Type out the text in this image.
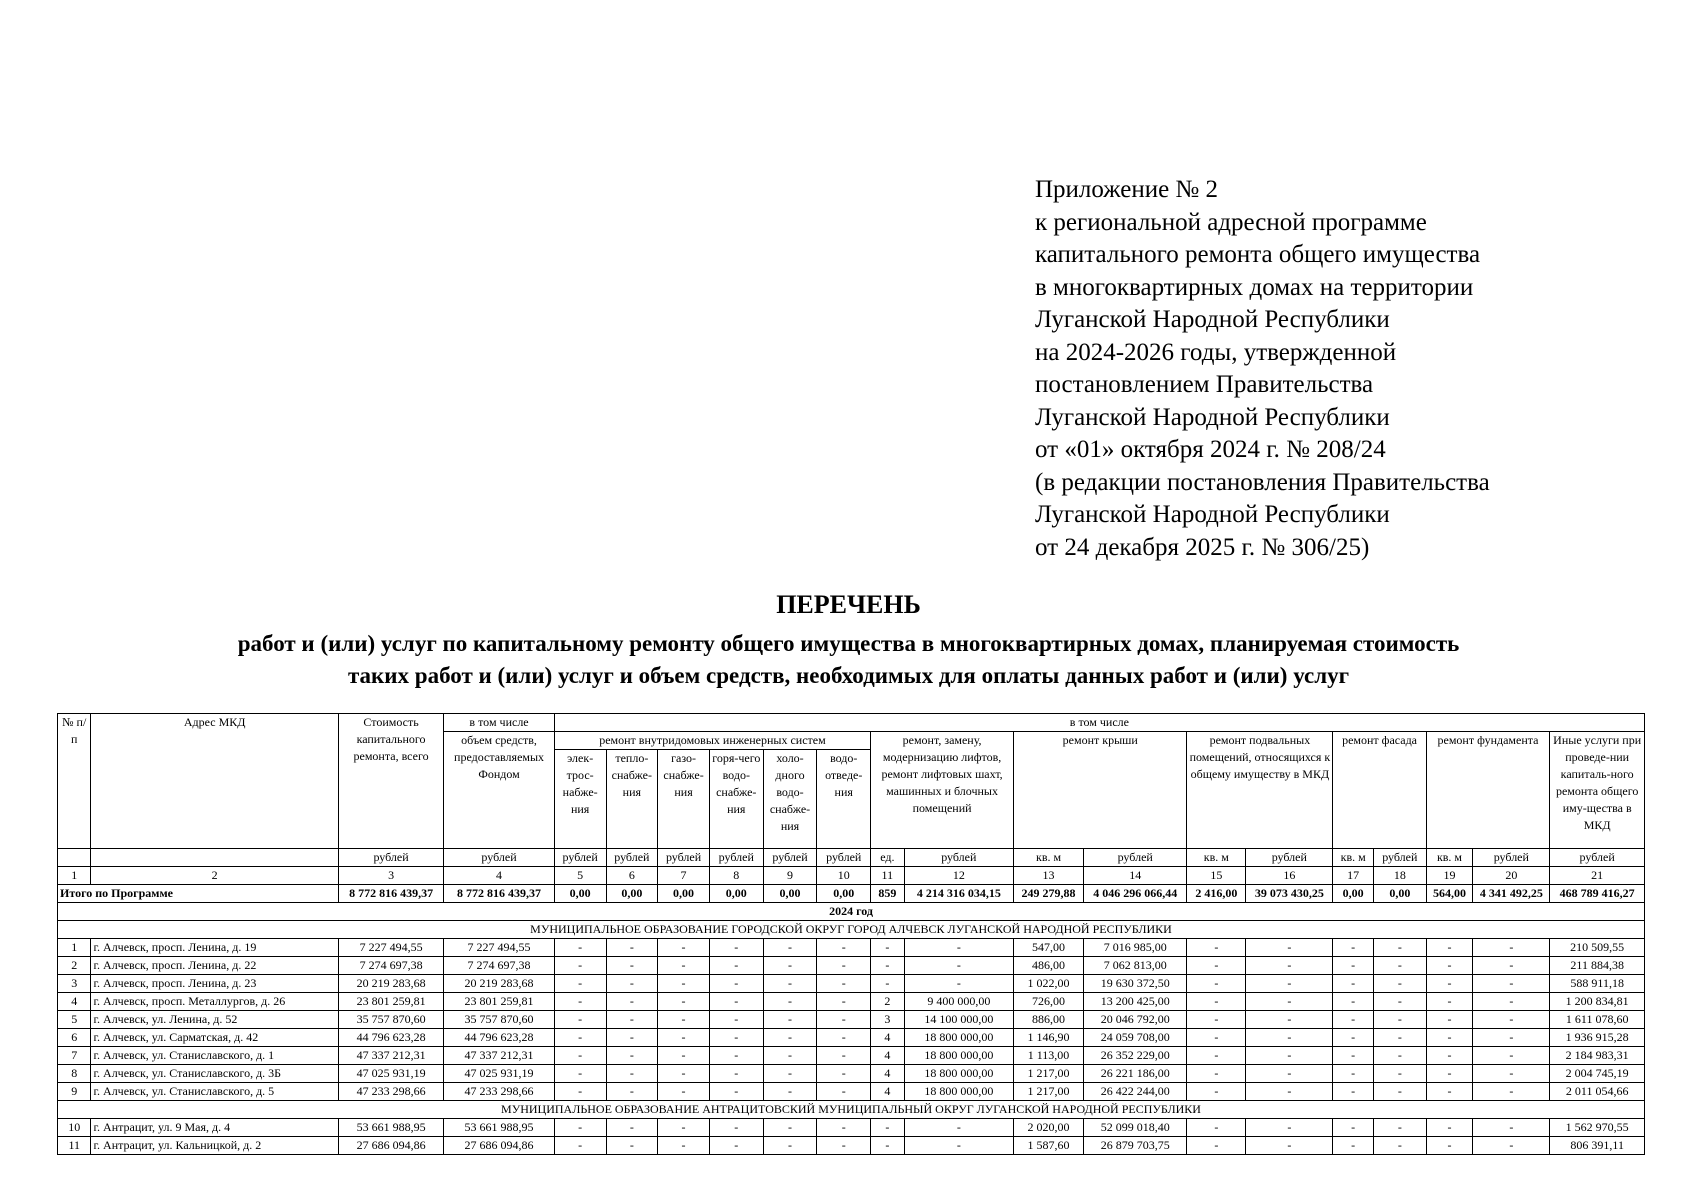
Приложение № 2
к региональной адресной программе
капитального ремонта общего имущества
в многоквартирных домах на территории
Луганской Народной Республики
на 2024-2026 годы, утвержденной
постановлением Правительства
Луганской Народной Республики
от «01» октября 2024 г. № 208/24
(в редакции постановления Правительства
Луганской Народной Республики
от 24 декабря 2025 г. № 306/25)
ПЕРЕЧЕНЬ
работ и (или) услуг по капитальному ремонту общего имущества в многоквартирных домах, планируемая стоимость
таких работ и (или) услуг и объем средств, необходимых для оплаты данных работ и (или) услуг
№ п/п	Адрес МКД	Стоимость капитального ремонта, всего	в том числе	в том числе																
			объем средств, предоставляемых Фондом	ремонт внутридомовых инженерных систем						ремонт, замену, модернизацию лифтов, ремонт лифтовых шахт, машинных и блочных помещений		ремонт крыши		ремонт подвальных помещений, относящихся к общему имуществу в МКД		ремонт фасада		ремонт фундамента		Иные услуги при проведе-нии капиталь-ного ремонта общего иму-щества в МКД
				элек-трос-набже-ния	тепло-снабже-ния	газо-снабже-ния	горя-чего водо-снабже-ния	холо-дного водо-снабже-ния	водо-отведе-ния											
		рублей	рублей	рублей	рублей	рублей	рублей	рублей	рублей	ед.	рублей	кв. м	рублей	кв. м	рублей	кв. м	рублей	кв. м	рублей	рублей
1	2	3	4	5	6	7	8	9	10	11	12	13	14	15	16	17	18	19	20	21
Итого по Программе		8 772 816 439,37	8 772 816 439,37	0,00	0,00	0,00	0,00	0,00	0,00	859	4 214 316 034,15	249 279,88	4 046 296 066,44	2 416,00	39 073 430,25	0,00	0,00	564,00	4 341 492,25	468 789 416,27
2024 год																				
МУНИЦИПАЛЬНОЕ ОБРАЗОВАНИЕ ГОРОДСКОЙ ОКРУГ ГОРОД АЛЧЕВСК ЛУГАНСКОЙ НАРОДНОЙ РЕСПУБЛИКИ																				
1	г. Алчевск, просп. Ленина, д. 19	7 227 494,55	7 227 494,55	-	-	-	-	-	-	-	-	547,00	7 016 985,00	-	-	-	-	-	-	210 509,55
2	г. Алчевск, просп. Ленина, д. 22	7 274 697,38	7 274 697,38	-	-	-	-	-	-	-	-	486,00	7 062 813,00	-	-	-	-	-	-	211 884,38
3	г. Алчевск, просп. Ленина, д. 23	20 219 283,68	20 219 283,68	-	-	-	-	-	-	-	-	1 022,00	19 630 372,50	-	-	-	-	-	-	588 911,18
4	г. Алчевск, просп. Металлургов, д. 26	23 801 259,81	23 801 259,81	-	-	-	-	-	-	2	9 400 000,00	726,00	13 200 425,00	-	-	-	-	-	-	1 200 834,81
5	г. Алчевск, ул. Ленина, д. 52	35 757 870,60	35 757 870,60	-	-	-	-	-	-	3	14 100 000,00	886,00	20 046 792,00	-	-	-	-	-	-	1 611 078,60
6	г. Алчевск, ул. Сарматская, д. 42	44 796 623,28	44 796 623,28	-	-	-	-	-	-	4	18 800 000,00	1 146,90	24 059 708,00	-	-	-	-	-	-	1 936 915,28
7	г. Алчевск, ул. Станиславского, д. 1	47 337 212,31	47 337 212,31	-	-	-	-	-	-	4	18 800 000,00	1 113,00	26 352 229,00	-	-	-	-	-	-	2 184 983,31
8	г. Алчевск, ул. Станиславского, д. 3Б	47 025 931,19	47 025 931,19	-	-	-	-	-	-	4	18 800 000,00	1 217,00	26 221 186,00	-	-	-	-	-	-	2 004 745,19
9	г. Алчевск, ул. Станиславского, д. 5	47 233 298,66	47 233 298,66	-	-	-	-	-	-	4	18 800 000,00	1 217,00	26 422 244,00	-	-	-	-	-	-	2 011 054,66
МУНИЦИПАЛЬНОЕ ОБРАЗОВАНИЕ АНТРАЦИТОВСКИЙ МУНИЦИПАЛЬНЫЙ ОКРУГ ЛУГАНСКОЙ НАРОДНОЙ РЕСПУБЛИКИ																				
10	г. Антрацит, ул. 9 Мая, д. 4	53 661 988,95	53 661 988,95	-	-	-	-	-	-	-	-	2 020,00	52 099 018,40	-	-	-	-	-	-	1 562 970,55
11	г. Антрацит, ул. Кальницкой, д. 2	27 686 094,86	27 686 094,86	-	-	-	-	-	-	-	-	1 587,60	26 879 703,75	-	-	-	-	-	-	806 391,11
